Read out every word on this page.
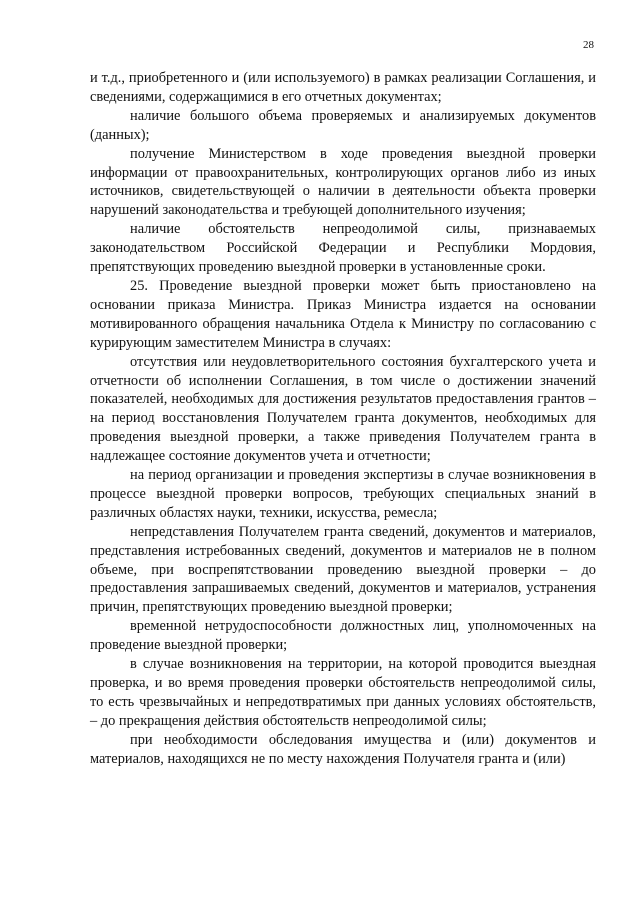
28

и т.д., приобретенного и (или используемого) в рамках реализации Соглашения, и сведениями, содержащимися в его отчетных документах;

наличие большого объема проверяемых и анализируемых документов (данных);

получение Министерством в ходе проведения выездной проверки информации от правоохранительных, контролирующих органов либо из иных источников, свидетельствующей о наличии в деятельности объекта проверки нарушений законодательства и требующей дополнительного изучения;

наличие обстоятельств непреодолимой силы, признаваемых законодательством Российской Федерации и Республики Мордовия, препятствующих проведению выездной проверки в установленные сроки.

25. Проведение выездной проверки может быть приостановлено на основании приказа Министра. Приказ Министра издается на основании мотивированного обращения начальника Отдела к Министру по согласованию с курирующим заместителем Министра в случаях:

отсутствия или неудовлетворительного состояния бухгалтерского учета и отчетности об исполнении Соглашения, в том числе о достижении значений показателей, необходимых для достижения результатов предоставления грантов – на период восстановления Получателем гранта документов, необходимых для проведения выездной проверки, а также приведения Получателем гранта в надлежащее состояние документов учета и отчетности;

на период организации и проведения экспертизы в случае возникновения в процессе выездной проверки вопросов, требующих специальных знаний в различных областях науки, техники, искусства, ремесла;

непредставления Получателем гранта сведений, документов и материалов, представления истребованных сведений, документов и материалов не в полном объеме, при воспрепятствовании проведению выездной проверки – до предоставления запрашиваемых сведений, документов и материалов, устранения причин, препятствующих проведению выездной проверки;

временной нетрудоспособности должностных лиц, уполномоченных на проведение выездной проверки;

в случае возникновения на территории, на которой проводится выездная проверка, и во время проведения проверки обстоятельств непреодолимой силы, то есть чрезвычайных и непредотвратимых при данных условиях обстоятельств, – до прекращения действия обстоятельств непреодолимой силы;

при необходимости обследования имущества и (или) документов и материалов, находящихся не по месту нахождения Получателя гранта и (или)
